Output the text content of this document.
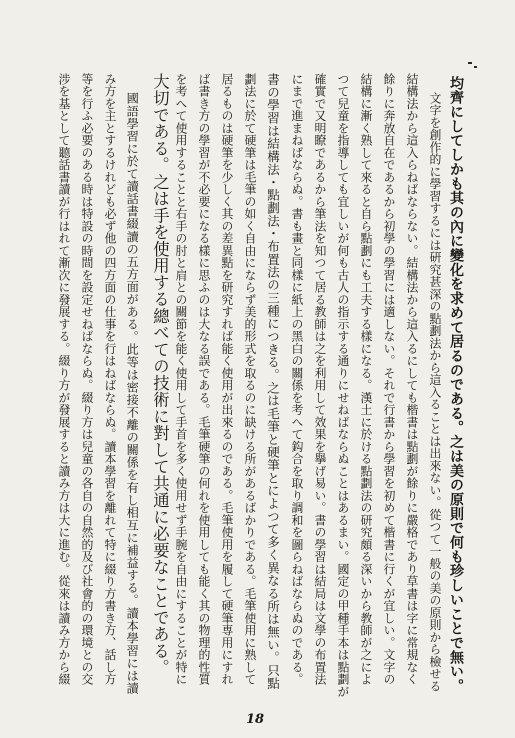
均齊にしてしかも其の內に變化を求めて居るのである。之は美の原則で何も珍しいことで無い。
文字を創作的に學習するには硏究甚深の點劃法から這入ることは出來ない。從つて一般の美の原則から檢せる
結構法から這入らねばならない。結構法から這入るにしても楷書は點劃が餘りに嚴格であり草書は字に常規なく
餘りに奔放自在であるから初學の學習には適しない。それで行書から學習を初めて楷書に行くが宜しい。文字の
結構に漸く熟して來ると自ら點劃にも工夫する樣になる。漢土に於ける點劃法の研究頗る深いから教師が之によ
つて兒童を指導しても宜しいが何も古人の指示する通りにせねばならぬことはあるまい。國定の甲種手本は點劃が
確實で又明瞭であるから筆法を知つて居る教師は之を利用して效果を擧げ易い。書の學習は結局は文學の布置法
にまで進まねばならぬ。書も畫と同樣に紙上の黑白の關係を考へて鈎合を取り調和を圖らねばならぬのである。
書の學習は結構法・點劃法・布置法の三種につきる。之は毛筆と硬筆とによつて多く異なる所は無い。只點
劃法に於て硬筆は毛筆の如く自由にならず美的形式を取るのに缺ける所があるばかりである。毛筆使用に熟して
居るものは硬筆を少しく其の差異點を研究すれば能く使用が出來るのである。毛筆使用を履して硬筆専用にすれ
ば書き方の學習が不必要になる樣に思ふのは大なる誤である。毛筆硬筆の何れを使用しても能く其の物理的性質
を考へて使用することと右手の肘と肩との關節を能く使用して手首を多く使用せず手腕を自由にすることが特に
大切である。之は手を使用する總べての技術に對して共通に必要なことである。
國語學習に於て讀話書綴讀の五方面がある。此等は密接不離の關係を有し相互に補益する。讀本學習には讀
み方を主とするけれども必ず他の四方面の仕事を行はねばならぬ。讀本學習を離れて特に綴り方書き方、話し方
等を行ふ必要のある時は特設の時間を設定せねばならぬ。綴り方は兒童の各自の自然的及び社會的の環境との交
涉を基として聽話書讀が行はれて漸次に發展する。綴り方が發展すると讀み方は大に進む。從來は讀み方から綴
18
